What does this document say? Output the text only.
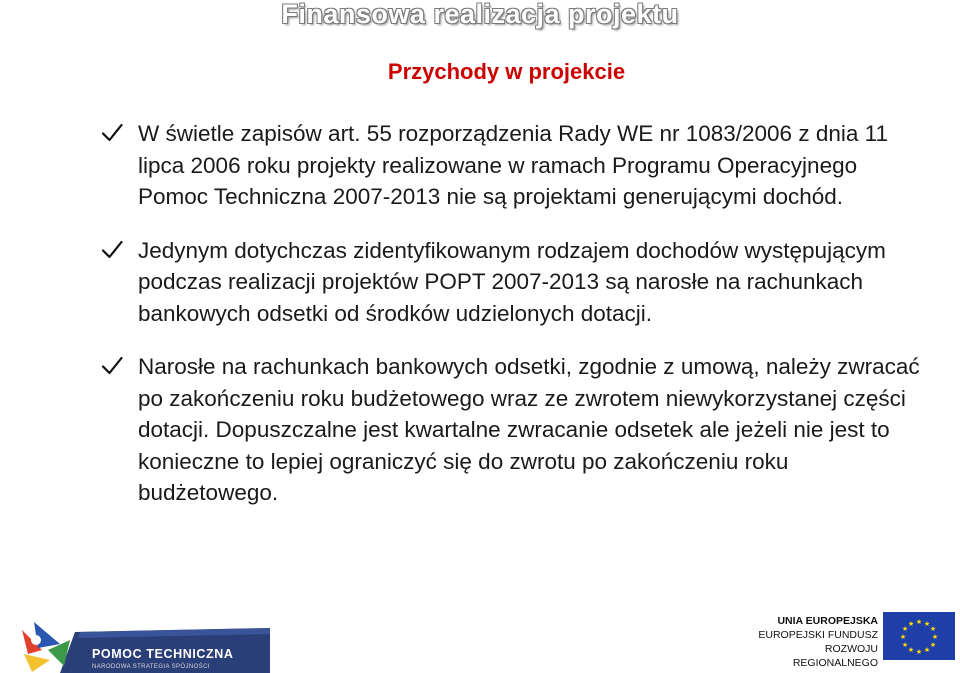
Finansowa realizacja projektu
Przychody w projekcie
W świetle zapisów art. 55 rozporządzenia Rady WE nr 1083/2006 z dnia 11 lipca 2006 roku projekty realizowane w ramach Programu Operacyjnego Pomoc Techniczna 2007-2013 nie są projektami generującymi dochód.
Jedynym dotychczas zidentyfikowanym rodzajem dochodów występującym podczas realizacji projektów POPT 2007-2013 są narosłe na rachunkach bankowych odsetki od środków udzielonych dotacji.
Narosłe na rachunkach bankowych odsetki, zgodnie z umową, należy zwracać po zakończeniu roku budżetowego wraz ze zwrotem niewykorzystanej części dotacji. Dopuszczalne jest kwartalne zwracanie odsetek ale jeżeli nie jest to konieczne to lepiej ograniczyć się do zwrotu po zakończeniu roku budżetowego.
POMOC TECHNICZNA
NARODOWA STRATEGIA SPÓJNOŚCI
UNIA EUROPEJSKA
EUROPEJSKI FUNDUSZ
ROZWOJU REGIONALNEGO
★ ★
★
★
★
★
★
★
★
★
★
★
